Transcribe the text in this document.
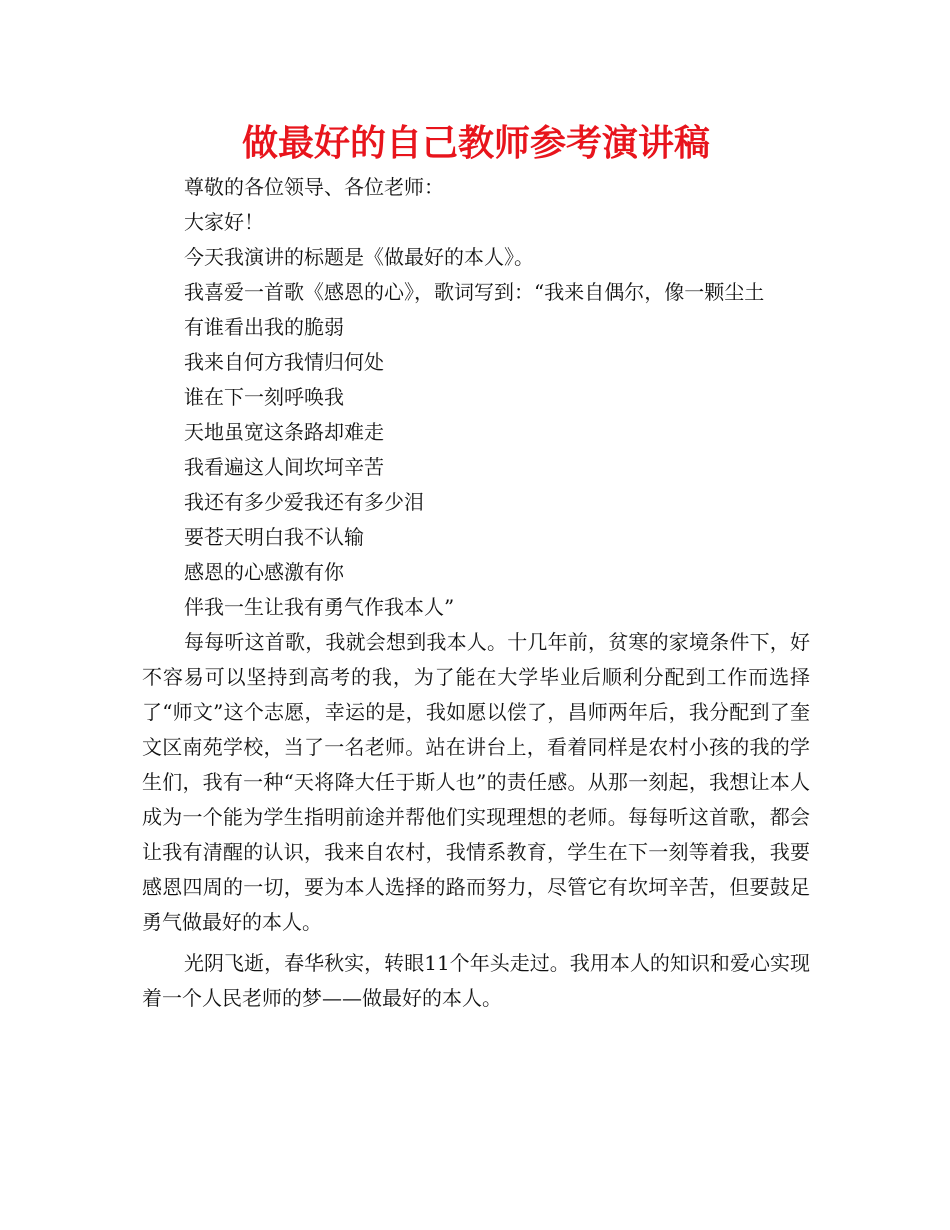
做最好的自己教师参考演讲稿

尊敬的各位领导、各位老师：

大家好！

今天我演讲的标题是《做最好的本人》。

我喜爱一首歌《感恩的心》，歌词写到：“我来自偶尔，像一颗尘土

有谁看出我的脆弱

我来自何方我情归何处

谁在下一刻呼唤我

天地虽宽这条路却难走

我看遍这人间坎坷辛苦

我还有多少爱我还有多少泪

要苍天明白我不认输

感恩的心感激有你

伴我一生让我有勇气作我本人”

每每听这首歌，我就会想到我本人。十几年前，贫寒的家境条件下，好不容易可以坚持到高考的我，为了能在大学毕业后顺利分配到工作而选择了“师文”这个志愿，幸运的是，我如愿以偿了，昌师两年后，我分配到了奎文区南苑学校，当了一名老师。站在讲台上，看着同样是农村小孩的我的学生们，我有一种“天将降大任于斯人也”的责任感。从那一刻起，我想让本人成为一个能为学生指明前途并帮他们实现理想的老师。每每听这首歌，都会让我有清醒的认识，我来自农村，我情系教育，学生在下一刻等着我，我要感恩四周的一切，要为本人选择的路而努力，尽管它有坎坷辛苦，但要鼓足勇气做最好的本人。

光阴飞逝，春华秋实，转眼11个年头走过。我用本人的知识和爱心实现着一个人民老师的梦——做最好的本人。
